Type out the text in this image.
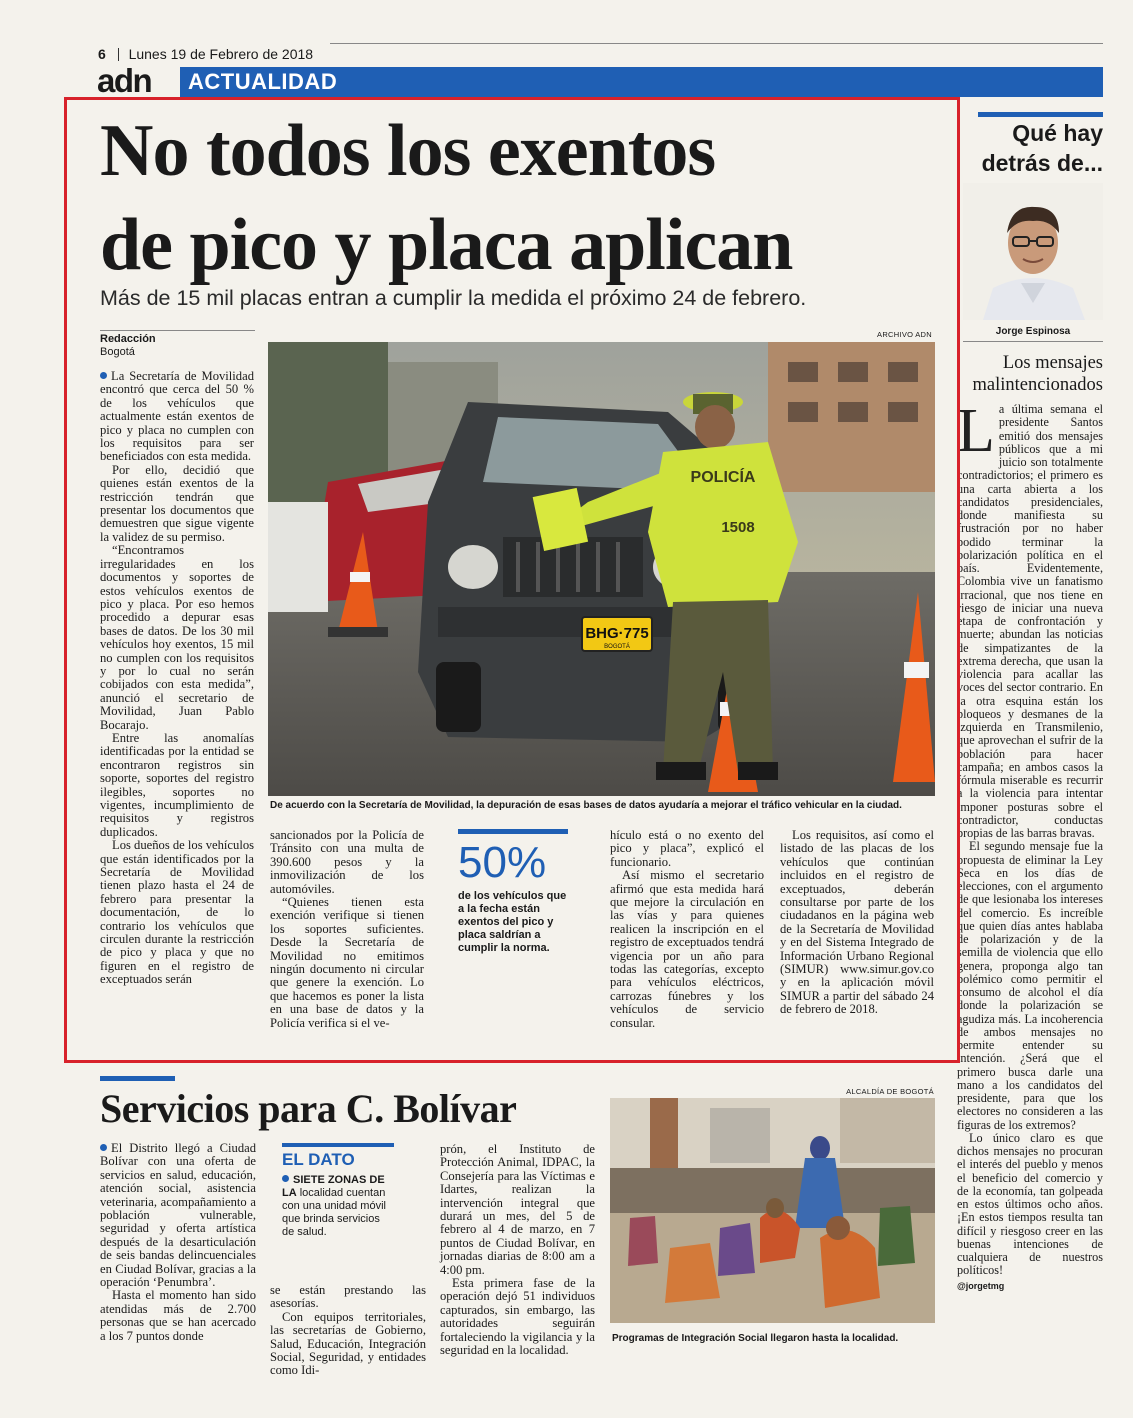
6 Lunes 19 de Febrero de 2018
adn ACTUALIDAD
No todos los exentos
de pico y placa aplican
Más de 15 mil placas entran a cumplir la medida el próximo 24 de febrero.
Redacción
Bogotá
ARCHIVO ADN
BHG·775
BOGOTÁ
POLICÍA
1508
De acuerdo con la Secretaría de Movilidad, la depuración de esas bases de datos ayudaría a mejorar el tráfico vehicular en la ciudad.

La Secretaría de Movilidad encontró que cerca del 50 % de los vehículos que actualmente están exentos de pico y placa no cumplen con los requisitos para ser beneficiados con esta medida.

Por ello, decidió que quienes están exentos de la restricción tendrán que presentar los documentos que demuestren que sigue vigente la validez de su permiso.

“Encontramos irregularidades en los documentos y soportes de estos vehículos exentos de pico y placa. Por eso hemos procedido a depurar esas bases de datos. De los 30 mil vehículos hoy exentos, 15 mil no cumplen con los requisitos y por lo cual no serán cobijados con esta medida”, anunció el secretario de Movilidad, Juan Pablo Bocarajo.

Entre las anomalías identificadas por la entidad se encontraron registros sin soporte, soportes del registro ilegibles, soportes no vigentes, incumplimiento de requisitos y registros duplicados.

Los dueños de los vehículos que están identificados por la Secretaría de Movilidad tienen plazo hasta el 24 de febrero para presentar la documentación, de lo contrario los vehículos que circulen durante la restricción de pico y placa y que no figuren en el registro de exceptuados serán

sancionados por la Policía de Tránsito con una multa de 390.600 pesos y la inmovilización de los automóviles.

“Quienes tienen esta exención verifique si tienen los soportes suficientes. Desde la Secretaría de Movilidad no emitimos ningún documento ni circular que genere la exención. Lo que hacemos es poner la lista en una base de datos y la Policía verifica si el ve-

50%
de los vehículos que a la fecha están exentos del pico y placa saldrían a cumplir la norma.

hículo está o no exento del pico y placa”, explicó el funcionario.

Así mismo el secretario afirmó que esta medida hará que mejore la circulación en las vías y para quienes realicen la inscripción en el registro de exceptuados tendrá vigencia por un año para todas las categorías, excepto para vehículos eléctricos, carrozas fúnebres y los vehículos de servicio consular.

Los requisitos, así como el listado de las placas de los vehículos que continúan incluidos en el registro de exceptuados, deberán consultarse por parte de los ciudadanos en la página web de la Secretaría de Movilidad y en del Sistema Integrado de Información Urbano Regional (SIMUR) www.simur.gov.co y en la aplicación móvil SIMUR a partir del sábado 24 de febrero de 2018.

Qué hay
detrás de...
Jorge Espinosa
Los mensajes
malintencionados

La última semana el presidente Santos emitió dos mensajes públicos que a mi juicio son totalmente contradictorios; el primero es una carta abierta a los candidatos presidenciales, donde manifiesta su frustración por no haber podido terminar la polarización política en el país. Evidentemente, Colombia vive un fanatismo irracional, que nos tiene en riesgo de iniciar una nueva etapa de confrontación y muerte; abundan las noticias de simpatizantes de la extrema derecha, que usan la violencia para acallar las voces del sector contrario. En la otra esquina están los bloqueos y desmanes de la izquierda en Transmilenio, que aprovechan el sufrir de la población para hacer campaña; en ambos casos la fórmula miserable es recurrir a la violencia para intentar imponer posturas sobre el contradictor, conductas propias de las barras bravas.

El segundo mensaje fue la propuesta de eliminar la Ley Seca en los días de elecciones, con el argumento de que lesionaba los intereses del comercio. Es increíble que quien días antes hablaba de polarización y de la semilla de violencia que ello genera, proponga algo tan polémico como permitir el consumo de alcohol el día donde la polarización se agudiza más. La incoherencia de ambos mensajes no permite entender su intención. ¿Será que el primero busca darle una mano a los candidatos del presidente, para que los electores no consideren a las figuras de los extremos?

Lo único claro es que dichos mensajes no procuran el interés del pueblo y menos el beneficio del comercio y de la economía, tan golpeada en estos últimos ocho años. ¡En estos tiempos resulta tan difícil y riesgoso creer en las buenas intenciones de cualquiera de nuestros políticos!

@jorgetmg
Servicios para C. Bolívar

El Distrito llegó a Ciudad Bolívar con una oferta de servicios en salud, educación, atención social, asistencia veterinaria, acompañamiento a población vulnerable, seguridad y oferta artística después de la desarticulación de seis bandas delincuenciales en Ciudad Bolívar, gracias a la operación ‘Penumbra’.

Hasta el momento han sido atendidas más de 2.700 personas que se han acercado a los 7 puntos donde

EL DATO
SIETE ZONAS DE LA localidad cuentan con una unidad móvil que brinda servicios de salud.

se están prestando las asesorías.

Con equipos territoriales, las secretarías de Gobierno, Salud, Educación, Integración Social, Seguridad, y entidades como Idi-

prón, el Instituto de Protección Animal, IDPAC, la Consejería para las Víctimas e Idartes, realizan la intervención integral que durará un mes, del 5 de febrero al 4 de marzo, en 7 puntos de Ciudad Bolívar, en jornadas diarias de 8:00 am a 4:00 pm.

Esta primera fase de la operación dejó 51 individuos capturados, sin embargo, las autoridades seguirán fortaleciendo la vigilancia y la seguridad en la localidad.

ALCALDÍA DE BOGOTÁ
Programas de Integración Social llegaron hasta la localidad.
